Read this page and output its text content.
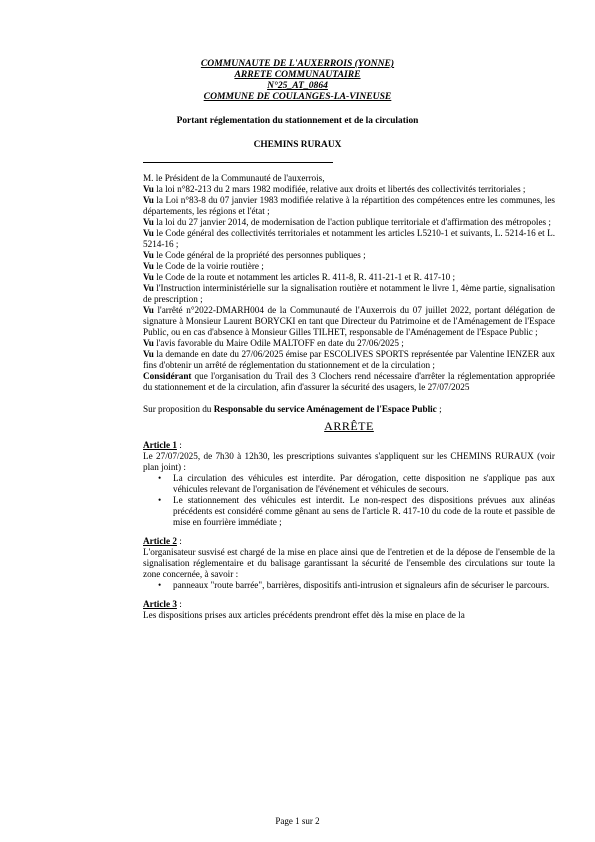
COMMUNAUTE DE L'AUXERROIS (YONNE)
ARRETE COMMUNAUTAIRE
N°25_AT_0864
COMMUNE DE COULANGES-LA-VINEUSE
Portant réglementation du stationnement et de la circulation
CHEMINS RURAUX

M. le Président de la Communauté de l'auxerrois,

Vu la loi n°82-213 du 2 mars 1982 modifiée, relative aux droits et libertés des collectivités territoriales ;

Vu la Loi n°83-8 du 07 janvier 1983 modifiée relative à la répartition des compétences entre les communes, les départements, les régions et l'état ;

Vu la loi du 27 janvier 2014, de modernisation de l'action publique territoriale et d'affirmation des métropoles ;

Vu le Code général des collectivités territoriales et notamment les articles L5210-1 et suivants, L. 5214-16 et L. 5214-16 ;

Vu le Code général de la propriété des personnes publiques ;

Vu le Code de la voirie routière ;

Vu le Code de la route et notamment les articles R. 411-8, R. 411-21-1 et R. 417-10 ;

Vu l'Instruction interministérielle sur la signalisation routière et notamment le livre 1, 4ème partie, signalisation de prescription ;

Vu l'arrêté n°2022-DMARH004 de la Communauté de l'Auxerrois du 07 juillet 2022, portant délégation de signature à Monsieur Laurent BORYCKI en tant que Directeur du Patrimoine et de l'Aménagement de l'Espace Public, ou en cas d'absence à Monsieur Gilles TILHET, responsable de l'Aménagement de l'Espace Public ;

Vu l'avis favorable du Maire Odile MALTOFF en date du 27/06/2025 ;

Vu la demande en date du 27/06/2025 émise par ESCOLIVES SPORTS représentée par Valentine IENZER aux fins d'obtenir un arrêté de réglementation du stationnement et de la circulation ;

Considérant que l'organisation du Trail des 3 Clochers rend nécessaire d'arrêter la réglementation appropriée du stationnement et de la circulation, afin d'assurer la sécurité des usagers, le 27/07/2025

Sur proposition du Responsable du service Aménagement de l'Espace Public ;

ARRÊTE

Article 1 :

Le 27/07/2025, de 7h30 à 12h30, les prescriptions suivantes s'appliquent sur les CHEMINS RURAUX (voir plan joint) :

• La circulation des véhicules est interdite. Par dérogation, cette disposition ne s'applique pas aux véhicules relevant de l'organisation de l'événement et véhicules de secours.
• Le stationnement des véhicules est interdit. Le non-respect des dispositions prévues aux alinéas précédents est considéré comme gênant au sens de l'article R. 417-10 du code de la route et passible de mise en fourrière immédiate ;

Article 2 :

L'organisateur susvisé est chargé de la mise en place ainsi que de l'entretien et de la dépose de l'ensemble de la signalisation réglementaire et du balisage garantissant la sécurité de l'ensemble des circulations sur toute la zone concernée, à savoir :

• panneaux "route barrée", barrières, dispositifs anti-intrusion et signaleurs afin de sécuriser le parcours.

Article 3 :

Les dispositions prises aux articles précédents prendront effet dès la mise en place de la

Page 1 sur 2
